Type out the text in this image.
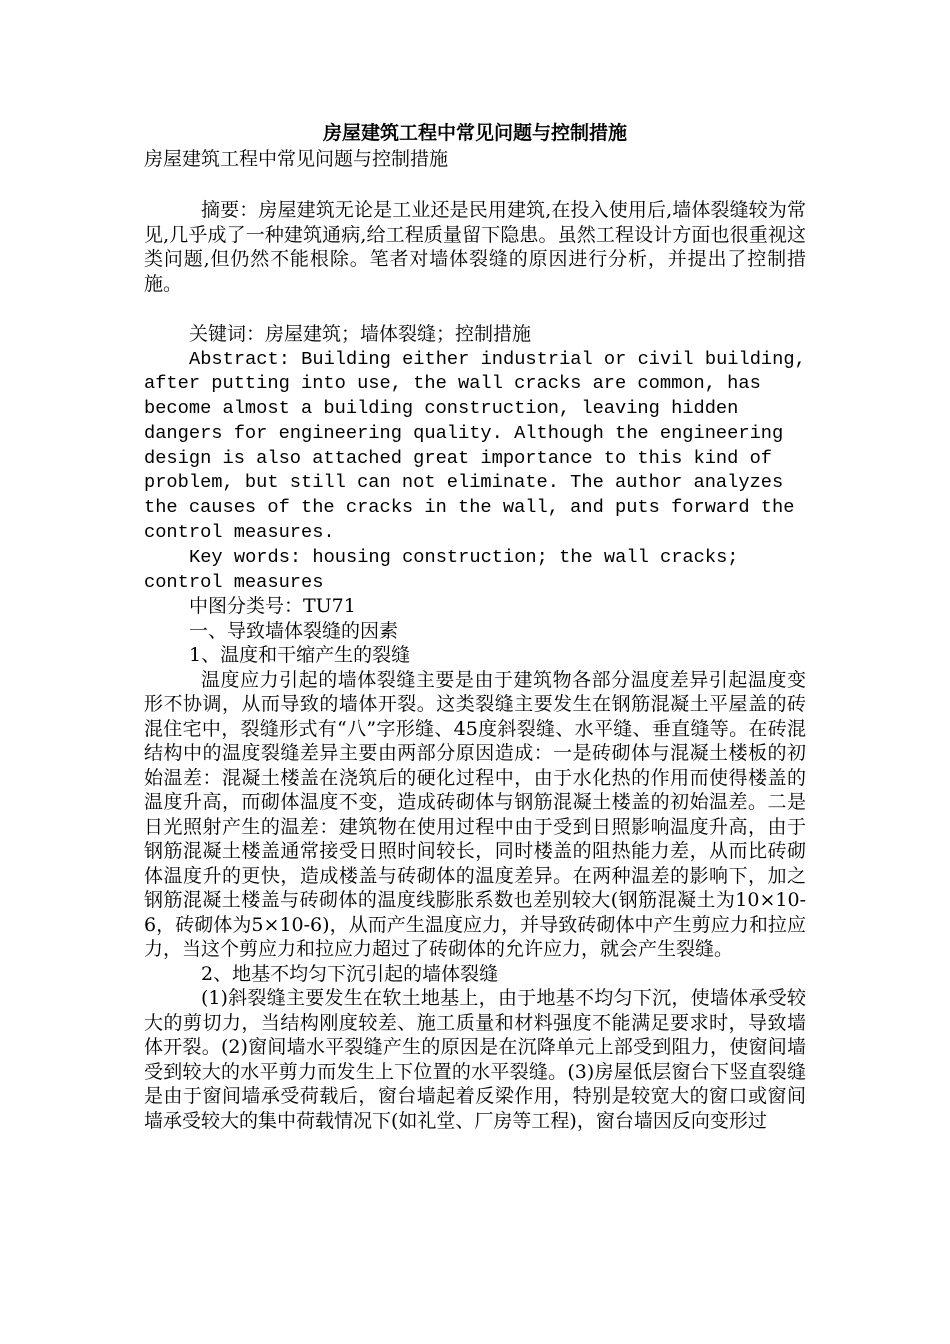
房屋建筑工程中常见问题与控制措施
房屋建筑工程中常见问题与控制措施

摘要：房屋建筑无论是工业还是民用建筑,在投入使用后,墙体裂缝较为常见,几乎成了一种建筑通病,给工程质量留下隐患。虽然工程设计方面也很重视这类问题,但仍然不能根除。笔者对墙体裂缝的原因进行分析，并提出了控制措施。

关键词：房屋建筑；墙体裂缝；控制措施

Abstract: Building either industrial or civil building, after putting into use, the wall cracks are common, has become almost a building construction, leaving hidden dangers for engineering quality. Although the engineering design is also attached great importance to this kind of problem, but still can not eliminate. The author analyzes the causes of the cracks in the wall, and puts forward the control measures.

Key words: housing construction; the wall cracks; control measures

中图分类号：TU71

一、导致墙体裂缝的因素

1、温度和干缩产生的裂缝

温度应力引起的墙体裂缝主要是由于建筑物各部分温度差异引起温度变形不协调，从而导致的墙体开裂。这类裂缝主要发生在钢筋混凝土平屋盖的砖混住宅中，裂缝形式有“八”字形缝、45度斜裂缝、水平缝、垂直缝等。在砖混结构中的温度裂缝差异主要由两部分原因造成：一是砖砌体与混凝土楼板的初始温差：混凝土楼盖在浇筑后的硬化过程中，由于水化热的作用而使得楼盖的温度升高，而砌体温度不变，造成砖砌体与钢筋混凝土楼盖的初始温差。二是日光照射产生的温差：建筑物在使用过程中由于受到日照影响温度升高，由于钢筋混凝土楼盖通常接受日照时间较长，同时楼盖的阻热能力差，从而比砖砌体温度升的更快，造成楼盖与砖砌体的温度差异。在两种温差的影响下，加之钢筋混凝土楼盖与砖砌体的温度线膨胀系数也差别较大(钢筋混凝土为10×10-6，砖砌体为5×10-6)，从而产生温度应力，并导致砖砌体中产生剪应力和拉应力，当这个剪应力和拉应力超过了砖砌体的允许应力，就会产生裂缝。

2、地基不均匀下沉引起的墙体裂缝

(1)斜裂缝主要发生在软土地基上，由于地基不均匀下沉，使墙体承受较大的剪切力，当结构刚度较差、施工质量和材料强度不能满足要求时，导致墙体开裂。(2)窗间墙水平裂缝产生的原因是在沉降单元上部受到阻力，使窗间墙受到较大的水平剪力而发生上下位置的水平裂缝。(3)房屋低层窗台下竖直裂缝是由于窗间墙承受荷载后，窗台墙起着反梁作用，特别是较宽大的窗口或窗间墙承受较大的集中荷载情况下(如礼堂、厂房等工程)，窗台墙因反向变形过
